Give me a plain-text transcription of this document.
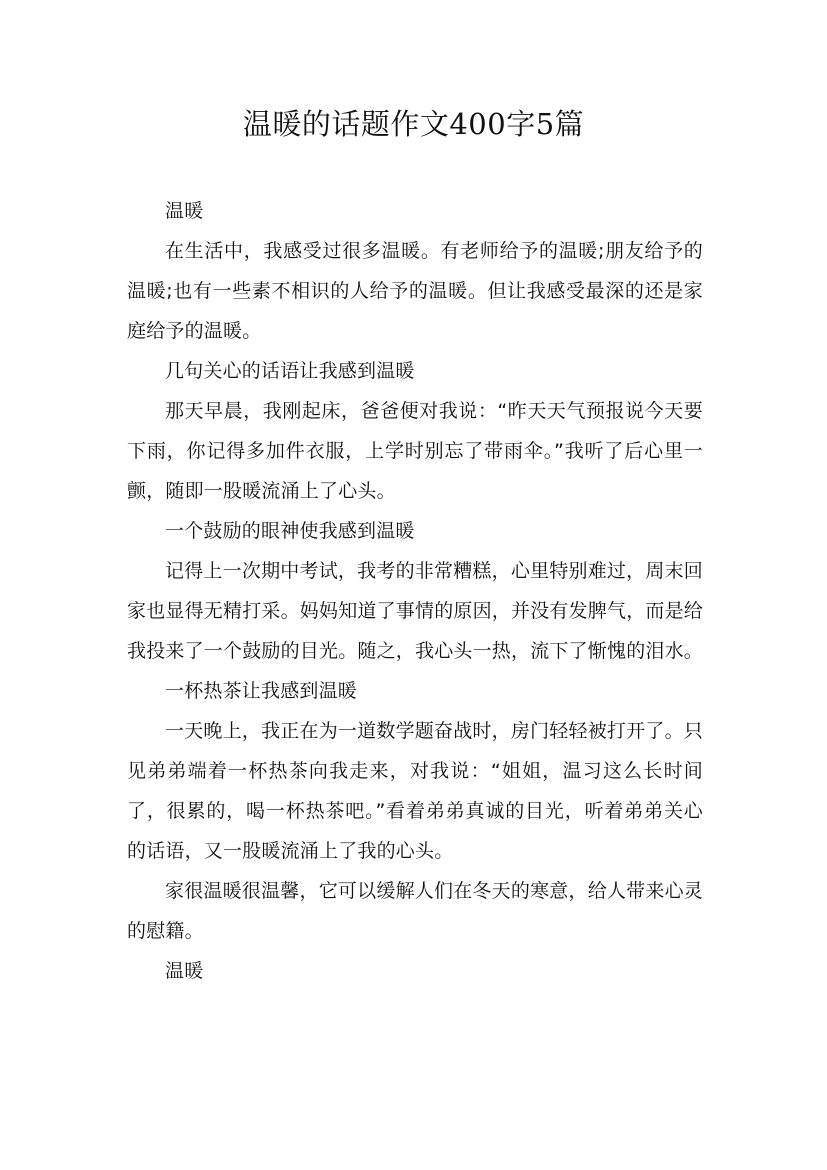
温暖的话题作文400字5篇

温暖

在生活中，我感受过很多温暖。有老师给予的温暖;朋友给予的温暖;也有一些素不相识的人给予的温暖。但让我感受最深的还是家庭给予的温暖。

几句关心的话语让我感到温暖

那天早晨，我刚起床，爸爸便对我说：“昨天天气预报说今天要下雨，你记得多加件衣服，上学时别忘了带雨伞。”我听了后心里一颤，随即一股暖流涌上了心头。

一个鼓励的眼神使我感到温暖

记得上一次期中考试，我考的非常糟糕，心里特别难过，周末回家也显得无精打采。妈妈知道了事情的原因，并没有发脾气，而是给我投来了一个鼓励的目光。随之，我心头一热，流下了惭愧的泪水。

一杯热茶让我感到温暖

一天晚上，我正在为一道数学题奋战时，房门轻轻被打开了。只见弟弟端着一杯热茶向我走来，对我说：“姐姐，温习这么长时间了，很累的，喝一杯热茶吧。”看着弟弟真诚的目光，听着弟弟关心的话语，又一股暖流涌上了我的心头。

家很温暖很温馨，它可以缓解人们在冬天的寒意，给人带来心灵的慰籍。

温暖
